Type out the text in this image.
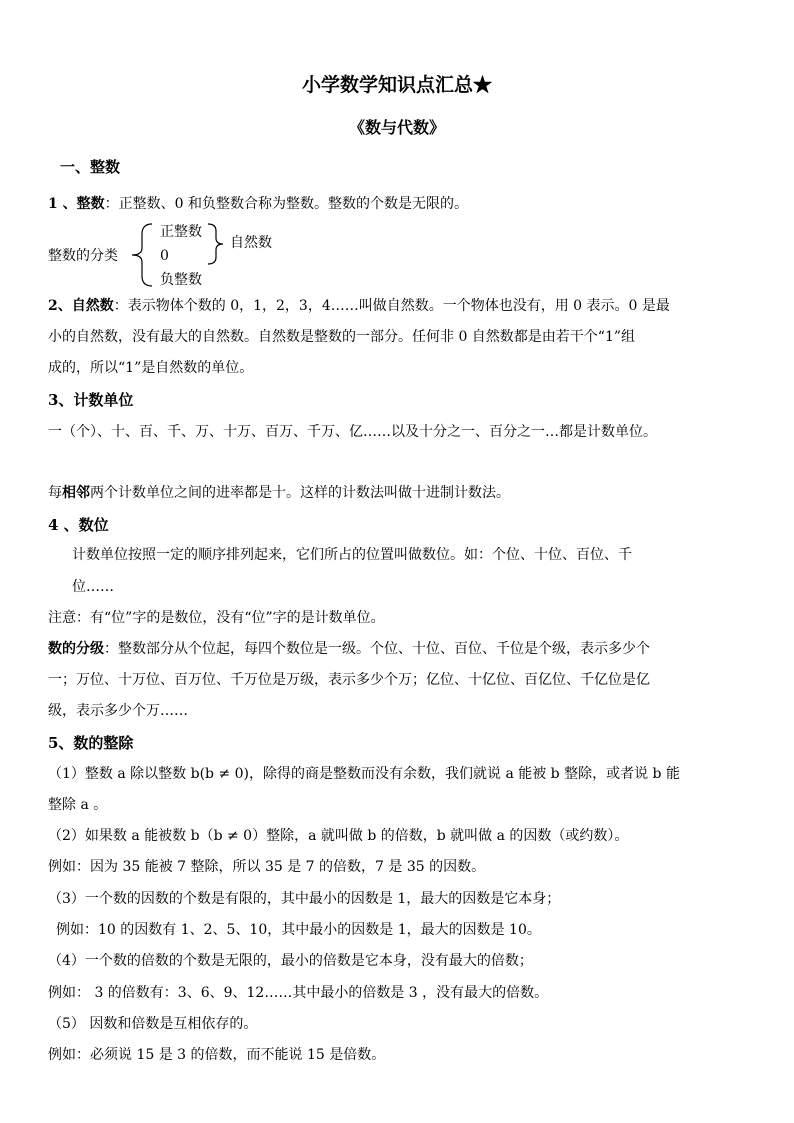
小学数学知识点汇总★
《数与代数》
一、整数
1 、整数：正整数、0 和负整数合称为整数。整数的个数是无限的。
整数的分类
正整数
0
负整数
自然数
2、自然数：表示物体个数的 0，1，2，3，4……叫做自然数。一个物体也没有，用 0 表示。0 是最
小的自然数，没有最大的自然数。自然数是整数的一部分。任何非 0 自然数都是由若干个“1”组
成的，所以“1”是自然数的单位。
3、计数单位
一（个）、十、百、千、万、十万、百万、千万、亿……以及十分之一、百分之一…都是计数单位。
每相邻两个计数单位之间的进率都是十。这样的计数法叫做十进制计数法。
4 、数位
计数单位按照一定的顺序排列起来，它们所占的位置叫做数位。如：个位、十位、百位、千
位……
注意：有“位”字的是数位，没有“位”字的是计数单位。
数的分级：整数部分从个位起，每四个数位是一级。个位、十位、百位、千位是个级，表示多少个
一；万位、十万位、百万位、千万位是万级，表示多少个万；亿位、十亿位、百亿位、千亿位是亿
级，表示多少个万……
5、数的整除
（1）整数 a 除以整数 b(b ≠ 0)，除得的商是整数而没有余数，我们就说 a 能被 b 整除，或者说 b 能
整除 a 。
（2）如果数 a 能被数 b（b ≠ 0）整除，a 就叫做 b 的倍数，b 就叫做 a 的因数（或约数）。
例如：因为 35 能被 7 整除，所以 35 是 7 的倍数，7 是 35 的因数。
（3）一个数的因数的个数是有限的，其中最小的因数是 1，最大的因数是它本身；
例如：10 的因数有 1、2、5、10，其中最小的因数是 1，最大的因数是 10。
（4）一个数的倍数的个数是无限的，最小的倍数是它本身，没有最大的倍数；
例如： 3 的倍数有：3、6、9、12……其中最小的倍数是 3 ，没有最大的倍数。
（5） 因数和倍数是互相依存的。
例如：必须说 15 是 3 的倍数，而不能说 15 是倍数。
